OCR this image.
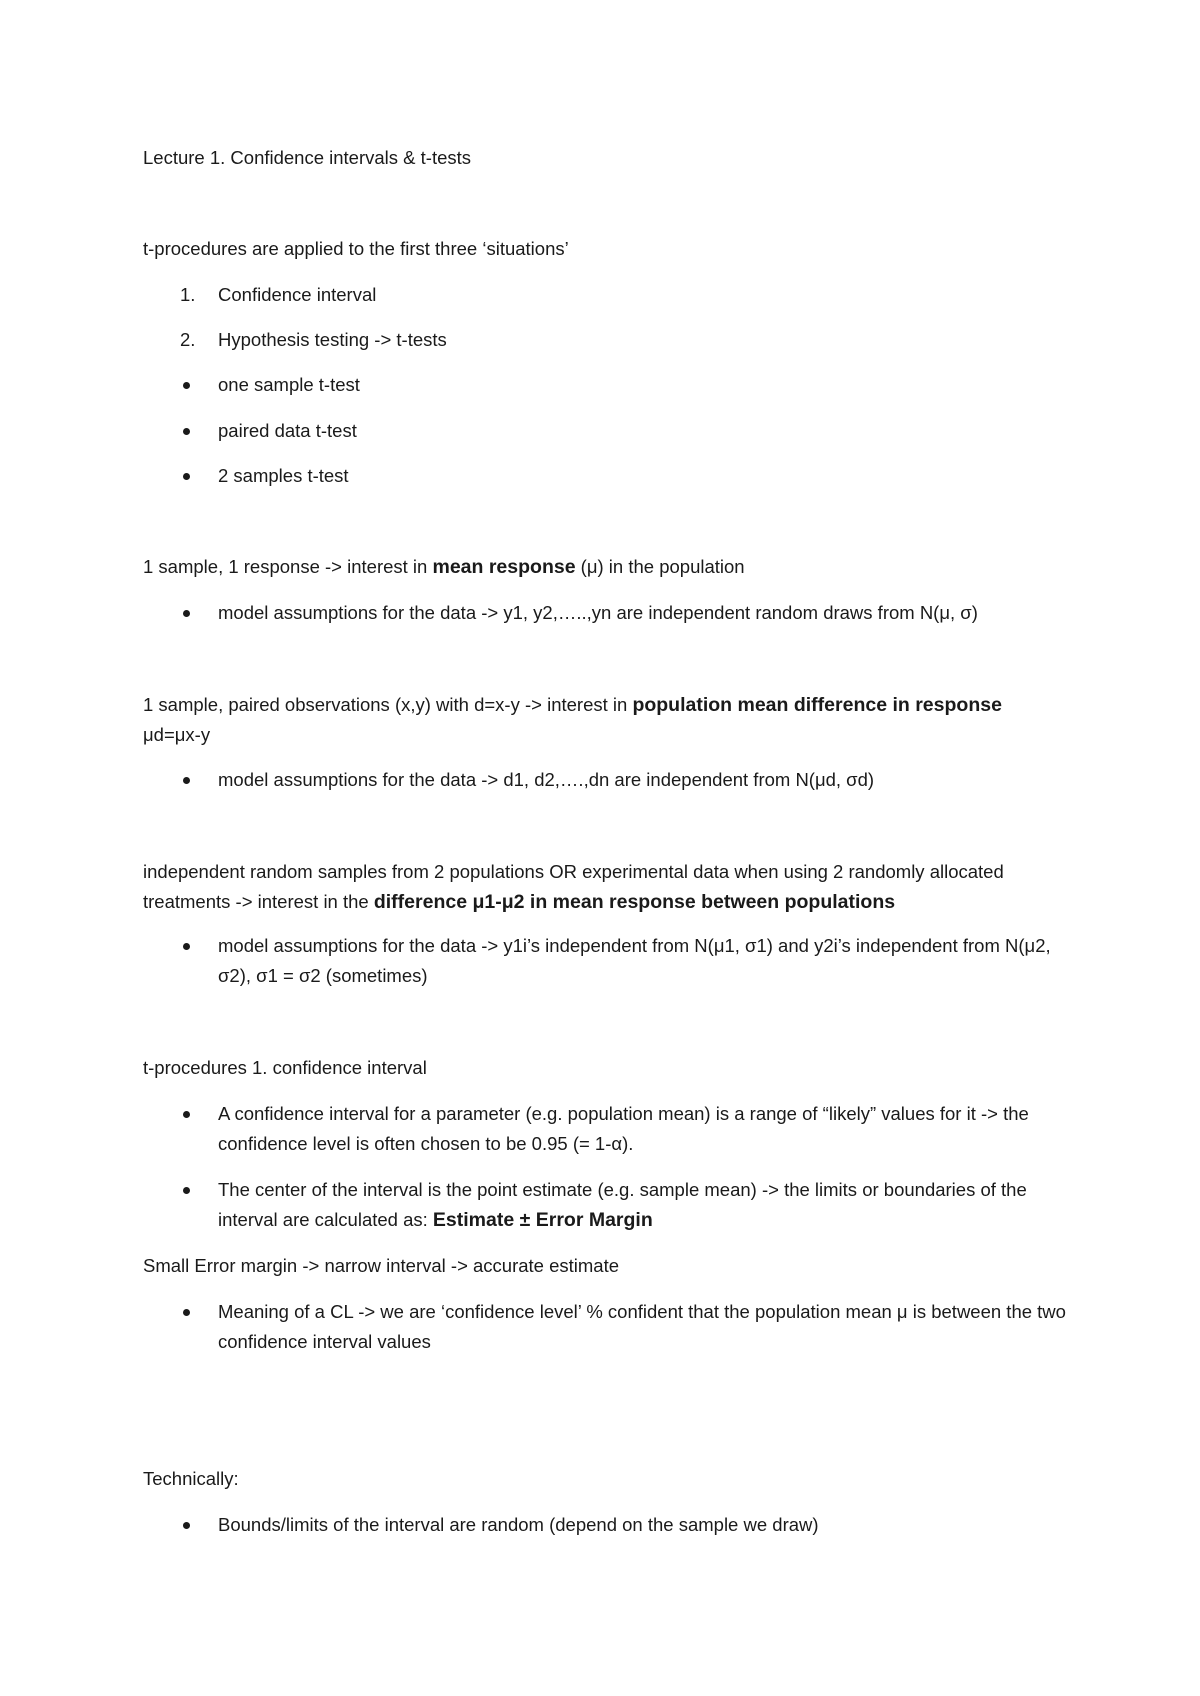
Lecture 1. Confidence intervals & t-tests

t-procedures are applied to the first three ‘situations’

1.	Confidence interval
2.	Hypothesis testing -> t-tests
one sample t-test
paired data t-test
2 samples t-test

1 sample, 1 response -> interest in mean response (μ) in the population

model assumptions for the data -> y1, y2,…..,yn are independent random draws from N(μ, σ)

1 sample, paired observations (x,y) with d=x-y -> interest in population mean difference in response
μd=μx-y

model assumptions for the data -> d1, d2,….,dn are independent from N(μd, σd)

independent random samples from 2 populations OR experimental data when using 2 randomly allocated treatments -> interest in the difference μ1-μ2 in mean response between populations

model assumptions for the data -> y1i’s independent from N(μ1, σ1) and y2i’s independent from N(μ2, σ2), σ1 = σ2 (sometimes)

t-procedures 1. confidence interval

A confidence interval for a parameter (e.g. population mean) is a range of “likely” values for it -> the confidence level is often chosen to be 0.95 (= 1-α).
The center of the interval is the point estimate (e.g. sample mean) -> the limits or boundaries of the interval are calculated as: Estimate ± Error Margin

Small Error margin -> narrow interval -> accurate estimate

Meaning of a CL -> we are ‘confidence level’ % confident that the population mean μ is between the two confidence interval values

Technically:

Bounds/limits of the interval are random (depend on the sample we draw)
